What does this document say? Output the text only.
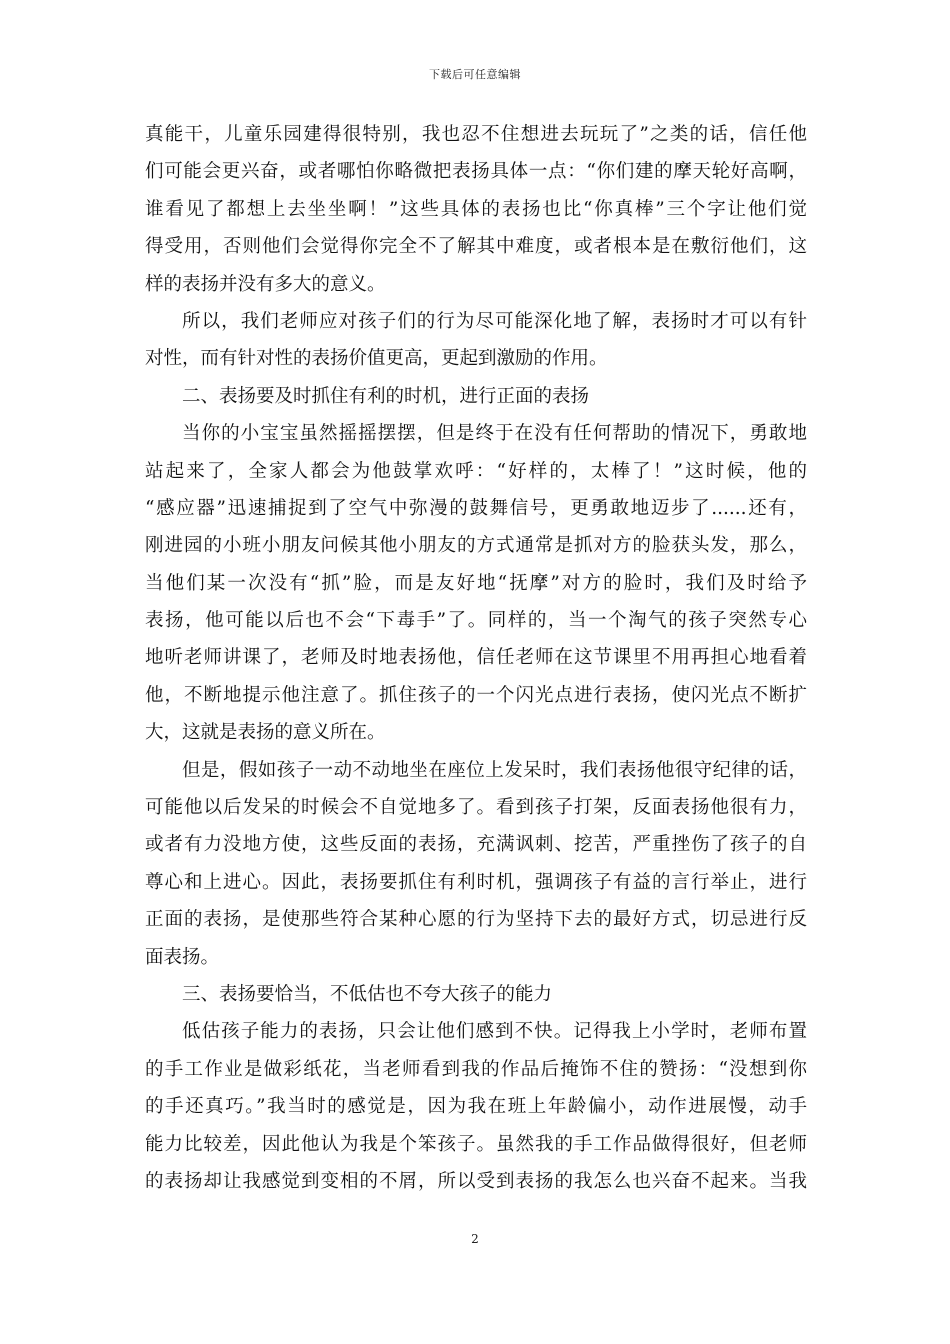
下载后可任意编辑
真能干，儿童乐园建得很特别，我也忍不住想进去玩玩了”之类的话，信任他
们可能会更兴奋，或者哪怕你略微把表扬具体一点：“你们建的摩天轮好高啊，
谁看见了都想上去坐坐啊！”这些具体的表扬也比“你真棒”三个字让他们觉
得受用，否则他们会觉得你完全不了解其中难度，或者根本是在敷衍他们，这
样的表扬并没有多大的意义。
所以，我们老师应对孩子们的行为尽可能深化地了解，表扬时才可以有针
对性，而有针对性的表扬价值更高，更起到激励的作用。
二、表扬要及时抓住有利的时机，进行正面的表扬
当你的小宝宝虽然摇摇摆摆，但是终于在没有任何帮助的情况下，勇敢地
站起来了，全家人都会为他鼓掌欢呼：“好样的，太棒了！”这时候，他的
“感应器”迅速捕捉到了空气中弥漫的鼓舞信号，更勇敢地迈步了......还有，
刚进园的小班小朋友问候其他小朋友的方式通常是抓对方的脸获头发，那么，
当他们某一次没有“抓”脸，而是友好地“抚摩”对方的脸时，我们及时给予
表扬，他可能以后也不会“下毒手”了。同样的，当一个淘气的孩子突然专心
地听老师讲课了，老师及时地表扬他，信任老师在这节课里不用再担心地看着
他，不断地提示他注意了。抓住孩子的一个闪光点进行表扬，使闪光点不断扩
大，这就是表扬的意义所在。
但是，假如孩子一动不动地坐在座位上发呆时，我们表扬他很守纪律的话，
可能他以后发呆的时候会不自觉地多了。看到孩子打架，反面表扬他很有力，
或者有力没地方使，这些反面的表扬，充满讽刺、挖苦，严重挫伤了孩子的自
尊心和上进心。因此，表扬要抓住有利时机，强调孩子有益的言行举止，进行
正面的表扬，是使那些符合某种心愿的行为坚持下去的最好方式，切忌进行反
面表扬。
三、表扬要恰当，不低估也不夸大孩子的能力
低估孩子能力的表扬，只会让他们感到不快。记得我上小学时，老师布置
的手工作业是做彩纸花，当老师看到我的作品后掩饰不住的赞扬：“没想到你
的手还真巧。”我当时的感觉是，因为我在班上年龄偏小，动作进展慢，动手
能力比较差，因此他认为我是个笨孩子。虽然我的手工作品做得很好，但老师
的表扬却让我感觉到变相的不屑，所以受到表扬的我怎么也兴奋不起来。当我
2
